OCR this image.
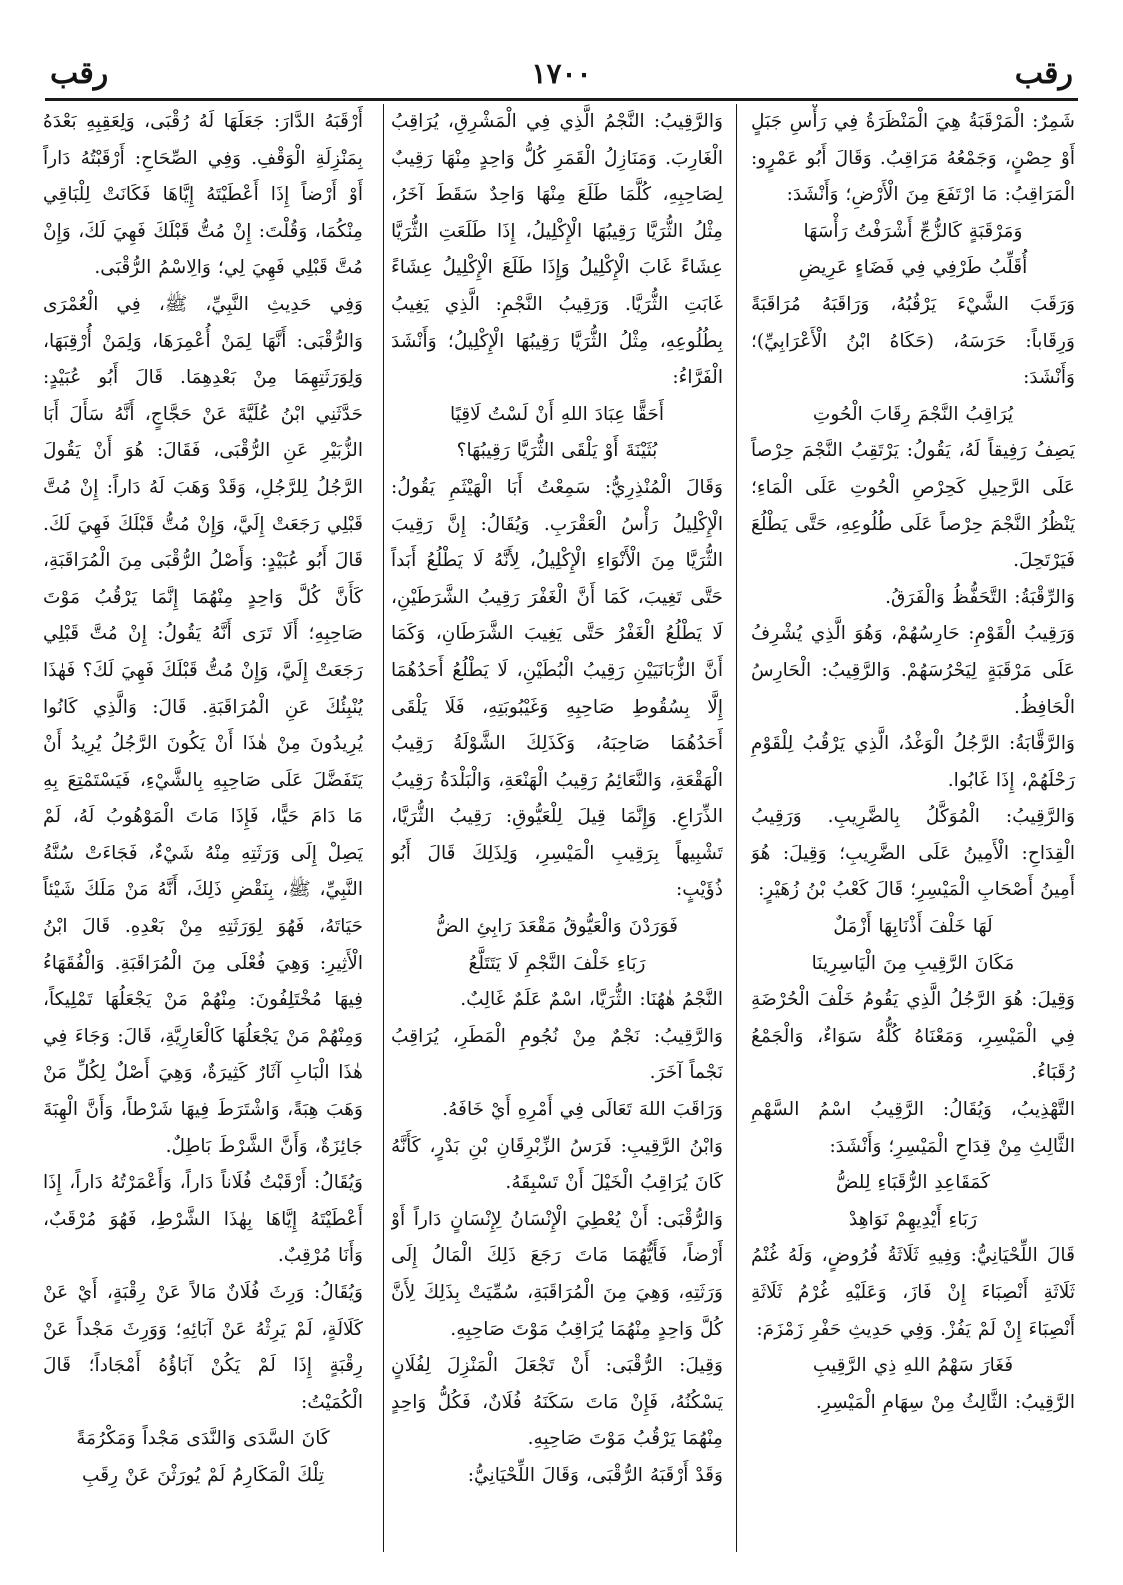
رقب
١٧٠٠
رقب

شَمِرٌ: الْمَرْقَبَةُ هِيَ الْمَنْظَرَةُ فِي رَأْسِ جَبَلٍ أَوْ حِصْنٍ، وَجَمْعُهُ مَرَاقِبُ. وَقَالَ أَبُو عَمْرٍو: الْمَرَاقِبُ: مَا ارْتَفَعَ مِنَ الْأَرْضِ؛ وَأَنْشَدَ:

وَمَرْقَبَةٍ كَالزُّجِّ أَشْرَفْتُ رَأْسَهَا

أُقَلِّبُ طَرْفِي فِي فَضَاءٍ عَرِيضِ

وَرَقَبَ الشَّيْءَ يَرْقُبُهُ، وَرَاقَبَهُ مُرَاقَبَةً وَرِقَاباً: حَرَسَهُ، (حَكَاهُ ابْنُ الْأَعْرَابِيِّ)؛ وَأَنْشَدَ:

يُرَاقِبُ النَّجْمَ رِقَابَ الْحُوتِ

يَصِفُ رَفِيقاً لَهُ، يَقُولُ: يَرْتَقِبُ النَّجْمَ حِرْصاً عَلَى الرَّحِيلِ كَحِرْصِ الْحُوتِ عَلَى الْمَاءِ؛ يَنْظُرُ النَّجْمَ حِرْصاً عَلَى طُلُوعِهِ، حَتَّى يَطْلُعَ فَيَرْتَحِلَ.

وَالرِّقْبَةُ: التَّحَفُّظُ وَالْفَرَقُ.

وَرَقِيبُ الْقَوْمِ: حَارِسُهُمْ، وَهُوَ الَّذِي يُشْرِفُ عَلَى مَرْقَبَةٍ لِيَحْرُسَهُمْ. وَالرَّقِيبُ: الْحَارِسُ الْحَافِظُ.

وَالرَّقَّابَةُ: الرَّجُلُ الْوَغْدُ، الَّذِي يَرْقُبُ لِلْقَوْمِ رَحْلَهُمْ، إِذَا غَابُوا.

وَالرَّقِيبُ: الْمُوَكَّلُ بِالضَّرِيبِ. وَرَقِيبُ الْقِدَاحِ: الْأَمِينُ عَلَى الضَّرِيبِ؛ وَقِيلَ: هُوَ أَمِينُ أَصْحَابِ الْمَيْسِرِ؛ قَالَ كَعْبُ بْنُ زُهَيْرٍ:

لَهَا خَلْفَ أَذْنَابِهَا أَزْمَلٌ

مَكَانَ الرَّقِيبِ مِنَ الْيَاسِرِينَا

وَقِيلَ: هُوَ الرَّجُلُ الَّذِي يَقُومُ خَلْفَ الْحُرْضَةِ فِي الْمَيْسِرِ، وَمَعْنَاهُ كُلُّهُ سَوَاءٌ، وَالْجَمْعُ رُقَبَاءُ.

التَّهْذِيبُ، وَيُقَالُ: الرَّقِيبُ اسْمُ السَّهْمِ الثَّالِثِ مِنْ قِدَاحِ الْمَيْسِرِ؛ وَأَنْشَدَ:

كَمَقَاعِدِ الرُّقَبَاءِ لِلضُّ

رَبَاءِ أَيْدِيهِمْ نَوَاهِدْ

قَالَ اللِّحْيَانِيُّ: وَفِيهِ ثَلَاثَةُ فُرُوضٍ، وَلَهُ غُنْمُ ثَلَاثَةِ أَنْصِبَاءَ إِنْ فَازَ، وَعَلَيْهِ غُرْمُ ثَلَاثَةِ أَنْصِبَاءَ إِنْ لَمْ يَفُزْ. وَفِي حَدِيثِ حَفْرِ زَمْزَمَ:

فَغَارَ سَهْمُ اللهِ ذِي الرَّقِيبِ

الرَّقِيبُ: الثَّالِثُ مِنْ سِهَامِ الْمَيْسِرِ.

وَالرَّقِيبُ: النَّجْمُ الَّذِي فِي الْمَشْرِقِ، يُرَاقِبُ الْغَارِبَ. وَمَنَازِلُ الْقَمَرِ كُلُّ وَاحِدٍ مِنْهَا رَقِيبٌ لِصَاحِبِهِ، كُلَّمَا طَلَعَ مِنْهَا وَاحِدٌ سَقَطَ آخَرُ، مِثْلُ الثُّرَيَّا رَقِيبُهَا الْإِكْلِيلُ، إِذَا طَلَعَتِ الثُّرَيَّا عِشَاءً غَابَ الْإِكْلِيلُ وَإِذَا طَلَعَ الْإِكْلِيلُ عِشَاءً غَابَتِ الثُّرَيَّا. وَرَقِيبُ النَّجْمِ: الَّذِي يَغِيبُ بِطُلُوعِهِ، مِثْلُ الثُّرَيَّا رَقِيبُهَا الْإِكْلِيلُ؛ وَأَنْشَدَ الْفَرَّاءُ:

أَحَقًّا عِبَادَ اللهِ أَنْ لَسْتُ لَاقِيًا

بُثَيْنَةَ أَوْ يَلْقَى الثُّرَيَّا رَقِيبُهَا؟

وَقَالَ الْمُنْذِرِيُّ: سَمِعْتُ أَبَا الْهَيْثَمِ يَقُولُ: الْإِكْلِيلُ رَأْسُ الْعَقْرَبِ. وَيُقَالُ: إِنَّ رَقِيبَ الثُّرَيَّا مِنَ الْأَنْوَاءِ الْإِكْلِيلُ، لِأَنَّهُ لَا يَطْلُعُ أَبَداً حَتَّى تَغِيبَ، كَمَا أَنَّ الْغَفْرَ رَقِيبُ الشَّرَطَيْنِ، لَا يَطْلُعُ الْغَفْرُ حَتَّى يَغِيبَ الشَّرَطَانِ، وَكَمَا أَنَّ الزُّبَانَيَيْنِ رَقِيبُ الْبُطَيْنِ، لَا يَطْلُعُ أَحَدُهُمَا إِلَّا بِسُقُوطِ صَاحِبِهِ وَغَيْبُوبَتِهِ، فَلَا يَلْقَى أَحَدُهُمَا صَاحِبَهُ، وَكَذَلِكَ الشَّوْلَةُ رَقِيبُ الْهَقْعَةِ، وَالنَّعَائِمُ رَقِيبُ الْهَنْعَةِ، وَالْبَلْدَةُ رَقِيبُ الذِّرَاعِ. وَإِنَّمَا قِيلَ لِلْعَيُّوقِ: رَقِيبُ الثُّرَيَّا، تَشْبِيهاً بِرَقِيبِ الْمَيْسِرِ، وَلِذَلِكَ قَالَ أَبُو ذُؤَيْبٍ:

فَوَرَدْنَ وَالْعَيُّوقُ مَقْعَدَ رَابِئِ الضُّ

رَبَاءِ خَلْفَ النَّجْمِ لَا يَتَتَلَّعُ

النَّجْمُ هٰهُنَا: الثُّرَيَّا، اسْمٌ عَلَمٌ غَالِبٌ.

وَالرَّقِيبُ: نَجْمٌ مِنْ نُجُومِ الْمَطَرِ، يُرَاقِبُ نَجْماً آخَرَ.

وَرَاقَبَ اللهَ تَعَالَى فِي أَمْرِهِ أَيْ خَافَهُ.

وَابْنُ الرَّقِيبِ: فَرَسُ الزِّبْرِقَانِ بْنِ بَدْرٍ، كَأَنَّهُ كَانَ يُرَاقِبُ الْخَيْلَ أَنْ تَسْبِقَهُ.

وَالرُّقْبَى: أَنْ يُعْطِيَ الْإِنْسَانُ لِإِنْسَانٍ دَاراً أَوْ أَرْضاً، فَأَيُّهُمَا مَاتَ رَجَعَ ذَلِكَ الْمَالُ إِلَى وَرَثَتِهِ، وَهِيَ مِنَ الْمُرَاقَبَةِ، سُمِّيَتْ بِذَلِكَ لِأَنَّ كُلَّ وَاحِدٍ مِنْهُمَا يُرَاقِبُ مَوْتَ صَاحِبِهِ.

وَقِيلَ: الرُّقْبَى: أَنْ تَجْعَلَ الْمَنْزِلَ لِفُلَانٍ يَسْكُنُهُ، فَإِنْ مَاتَ سَكَنَهُ فُلَانٌ، فَكُلُّ وَاحِدٍ مِنْهُمَا يَرْقُبُ مَوْتَ صَاحِبِهِ.

وَقَدْ أَرْقَبَهُ الرُّقْبَى، وَقَالَ اللِّحْيَانِيُّ:

أَرْقَبَهُ الدَّارَ: جَعَلَهَا لَهُ رُقْبَى، وَلِعَقِبِهِ بَعْدَهُ بِمَنْزِلَةِ الْوَقْفِ. وَفِي الصِّحَاحِ: أَرْقَبْتُهُ دَاراً أَوْ أَرْضاً إِذَا أَعْطَيْتَهُ إِيَّاهَا فَكَانَتْ لِلْبَاقِي مِنْكُمَا، وَقُلْتَ: إِنْ مُتُّ قَبْلَكَ فَهِيَ لَكَ، وَإِنْ مُتَّ قَبْلِي فَهِيَ لِي؛ وَالِاسْمُ الرُّقْبَى.

وَفِي حَدِيثِ النَّبِيِّ، ﷺ، فِي الْعُمْرَى وَالرُّقْبَى: أَنَّهَا لِمَنْ أُعْمِرَهَا، وَلِمَنْ أُرْقِبَهَا، وَلِوَرَثَتِهِمَا مِنْ بَعْدِهِمَا. قَالَ أَبُو عُبَيْدٍ: حَدَّثَنِي ابْنُ عُلَيَّةَ عَنْ حَجَّاجٍ، أَنَّهُ سَأَلَ أَبَا الزُّبَيْرِ عَنِ الرُّقْبَى، فَقَالَ: هُوَ أَنْ يَقُولَ الرَّجُلُ لِلرَّجُلِ، وَقَدْ وَهَبَ لَهُ دَاراً: إِنْ مُتَّ قَبْلِي رَجَعَتْ إِلَيَّ، وَإِنْ مُتُّ قَبْلَكَ فَهِيَ لَكَ. قَالَ أَبُو عُبَيْدٍ: وَأَصْلُ الرُّقْبَى مِنَ الْمُرَاقَبَةِ، كَأَنَّ كُلَّ وَاحِدٍ مِنْهُمَا إِنَّمَا يَرْقُبُ مَوْتَ صَاحِبِهِ؛ أَلَا تَرَى أَنَّهُ يَقُولُ: إِنْ مُتَّ قَبْلِي رَجَعَتْ إِلَيَّ، وَإِنْ مُتُّ قَبْلَكَ فَهِيَ لَكَ؟ فَهٰذَا يُنْبِئُكَ عَنِ الْمُرَاقَبَةِ. قَالَ: وَالَّذِي كَانُوا يُرِيدُونَ مِنْ هٰذَا أَنْ يَكُونَ الرَّجُلُ يُرِيدُ أَنْ يَتَفَضَّلَ عَلَى صَاحِبِهِ بِالشَّيْءِ، فَيَسْتَمْتِعَ بِهِ مَا دَامَ حَيًّا، فَإِذَا مَاتَ الْمَوْهُوبُ لَهُ، لَمْ يَصِلْ إِلَى وَرَثَتِهِ مِنْهُ شَيْءٌ، فَجَاءَتْ سُنَّةُ النَّبِيِّ، ﷺ، بِنَقْضِ ذَلِكَ، أَنَّهُ مَنْ مَلَكَ شَيْئاً حَيَاتَهُ، فَهُوَ لِوَرَثَتِهِ مِنْ بَعْدِهِ. قَالَ ابْنُ الْأَثِيرِ: وَهِيَ فُعْلَى مِنَ الْمُرَاقَبَةِ. وَالْفُقَهَاءُ فِيهَا مُخْتَلِفُونَ: مِنْهُمْ مَنْ يَجْعَلُهَا تَمْلِيكاً، وَمِنْهُمْ مَنْ يَجْعَلُهَا كَالْعَارِيَّةِ، قَالَ: وَجَاءَ فِي هٰذَا الْبَابِ آثَارٌ كَثِيرَةٌ، وَهِيَ أَصْلٌ لِكُلِّ مَنْ وَهَبَ هِبَةً، وَاشْتَرَطَ فِيهَا شَرْطاً، وَأَنَّ الْهِبَةَ جَائِزَةٌ، وَأَنَّ الشَّرْطَ بَاطِلٌ.

وَيُقَالُ: أَرْقَبْتُ فُلَاناً دَاراً، وَأَعْمَرْتُهُ دَاراً، إِذَا أَعْطَيْتَهُ إِيَّاهَا بِهٰذَا الشَّرْطِ، فَهُوَ مُرْقَبٌ، وَأَنَا مُرْقِبٌ.

وَيُقَالُ: وَرِثَ فُلَانٌ مَالاً عَنْ رِقْبَةٍ، أَيْ عَنْ كَلَالَةٍ، لَمْ يَرِثْهُ عَنْ آبَائِهِ؛ وَوَرِثَ مَجْداً عَنْ رِقْبَةٍ إِذَا لَمْ يَكُنْ آبَاؤُهُ أَمْجَاداً؛ قَالَ الْكُمَيْتُ:

كَانَ السَّدَى وَالنَّدَى مَجْداً وَمَكْرُمَةً

تِلْكَ الْمَكَارِمُ لَمْ يُورَثْنَ عَنْ رِقَبِ
